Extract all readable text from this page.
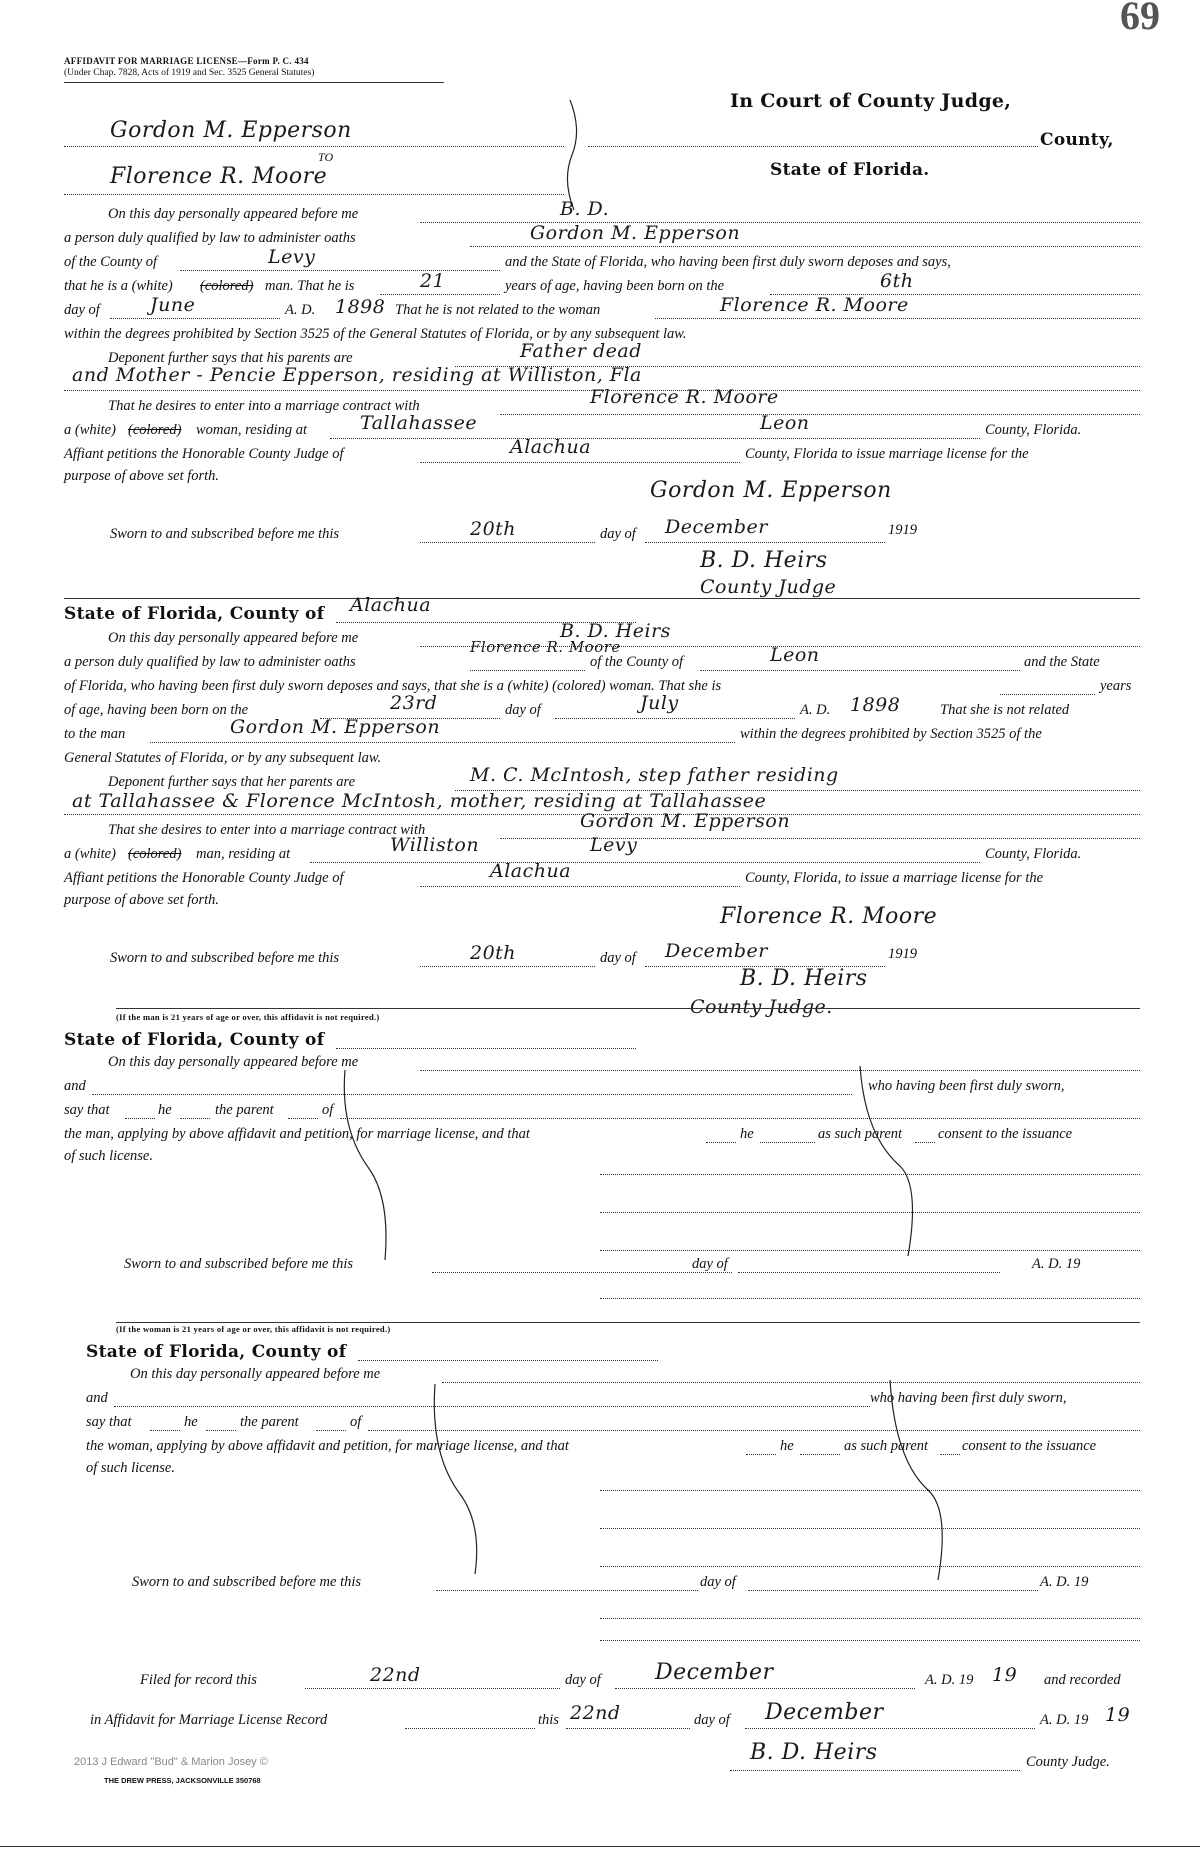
69
AFFIDAVIT FOR MARRIAGE LICENSE—Form P. C. 434
(Under Chap. 7828, Acts of 1919 and Sec. 3525 General Statutes)
Gordon M. Epperson
TO
Florence R. Moore
In Court of County Judge,
County,
State of Florida.
On this day personally appeared before me	B. D.
a person duly qualified by law to administer oaths	Gordon M. Epperson
of the County of	Levy	and the State of Florida, who having been first duly sworn deposes and says,
that he is a (white) (colored) man. That he is	21	years of age, having been born on the	6th
day of	June	A. D. 1898 That he is not related to the woman	Florence R. Moore
within the degrees prohibited by Section 3525 of the General Statutes of Florida, or by any subsequent law.
Deponent further says that his parents are	Father dead
and Mother - Pencie Epperson, residing at Williston, Fla
That he desires to enter into a marriage contract with	Florence R. Moore
a (white) (colored) woman, residing at	Tallahassee	Leon	County, Florida.
Affiant petitions the Honorable County Judge of	Alachua	County, Florida to issue marriage license for the
purpose of above set forth.
Gordon M. Epperson
Sworn to and subscribed before me this	20th	day of December	1919
B. D. Heirs
County Judge
State of Florida, County of Alachua
On this day personally appeared before me	B. D. Heirs
a person duly qualified by law to administer oaths
Florence R. Moore
of the County of	Leon	and the State
of Florida, who having been first duly sworn deposes and says, that she is a (white) (colored) woman. That she is	years
of age, having been born on the	23rd	day of	July	A. D. 1898	That she is not related
to the man	Gordon M. Epperson	within the degrees prohibited by Section 3525 of the
General Statutes of Florida, or by any subsequent law.
Deponent further says that her parents are	M. C. McIntosh, step father residing
at Tallahassee & Florence McIntosh, mother, residing at Tallahassee
That she desires to enter into a marriage contract with	Gordon M. Epperson
a (white) (colored) man, residing at	Williston	Levy	County, Florida.
Affiant petitions the Honorable County Judge of	Alachua	County, Florida, to issue a marriage license for the
purpose of above set forth.
Florence R. Moore
Sworn to and subscribed before me this	20th	day of December	1919
B. D. Heirs
County Judge.
(If the man is 21 years of age or over, this affidavit is not required.)
State of Florida, County of
On this day personally appeared before me
and	who having been first duly sworn,
say that	he	the parent	of
the man, applying by above affidavit and petition, for marriage license, and that	he	as such parent consent to the issuance
of such license.
Sworn to and subscribed before me this	day of	A. D. 19
(If the woman is 21 years of age or over, this affidavit is not required.)
State of Florida, County of
On this day personally appeared before me
and	who having been first duly sworn,
say that	he	the parent	of
the woman, applying by above affidavit and petition, for marriage license, and that	he	as such parent consent to the issuance
of such license.
Sworn to and subscribed before me this	day of	A. D. 19
Filed for record this	22nd	day of December	A. D. 19 19 and recorded
in Affidavit for Marriage License Record	this 22nd	day of December	A. D. 19 19
B. D. Heirs	County Judge.
2013 J Edward "Bud" & Marion Josey ©
THE DREW PRESS, JACKSONVILLE 350768
